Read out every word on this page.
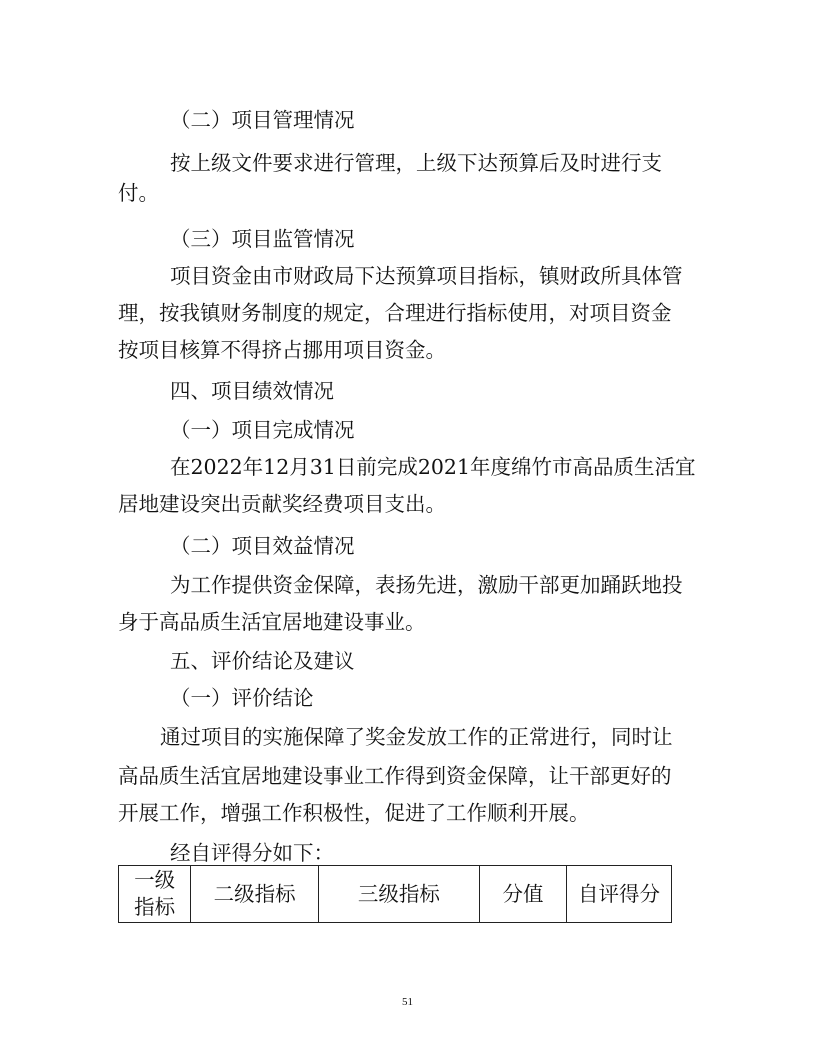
（二）项目管理情况
按上级文件要求进行管理，上级下达预算后及时进行支
付。
（三）项目监管情况
项目资金由市财政局下达预算项目指标，镇财政所具体管
理，按我镇财务制度的规定，合理进行指标使用，对项目资金
按项目核算不得挤占挪用项目资金。
四、项目绩效情况
（一）项目完成情况
在2022年12月31日前完成2021年度绵竹市高品质生活宜
居地建设突出贡献奖经费项目支出。
（二）项目效益情况
为工作提供资金保障，表扬先进，激励干部更加踊跃地投
身于高品质生活宜居地建设事业。
五、评价结论及建议
（一）评价结论
通过项目的实施保障了奖金发放工作的正常进行，同时让
高品质生活宜居地建设事业工作得到资金保障，让干部更好的
开展工作，增强工作积极性，促进了工作顺利开展。
经自评得分如下：
一级
指标	二级指标	三级指标	分值	自评得分
51
